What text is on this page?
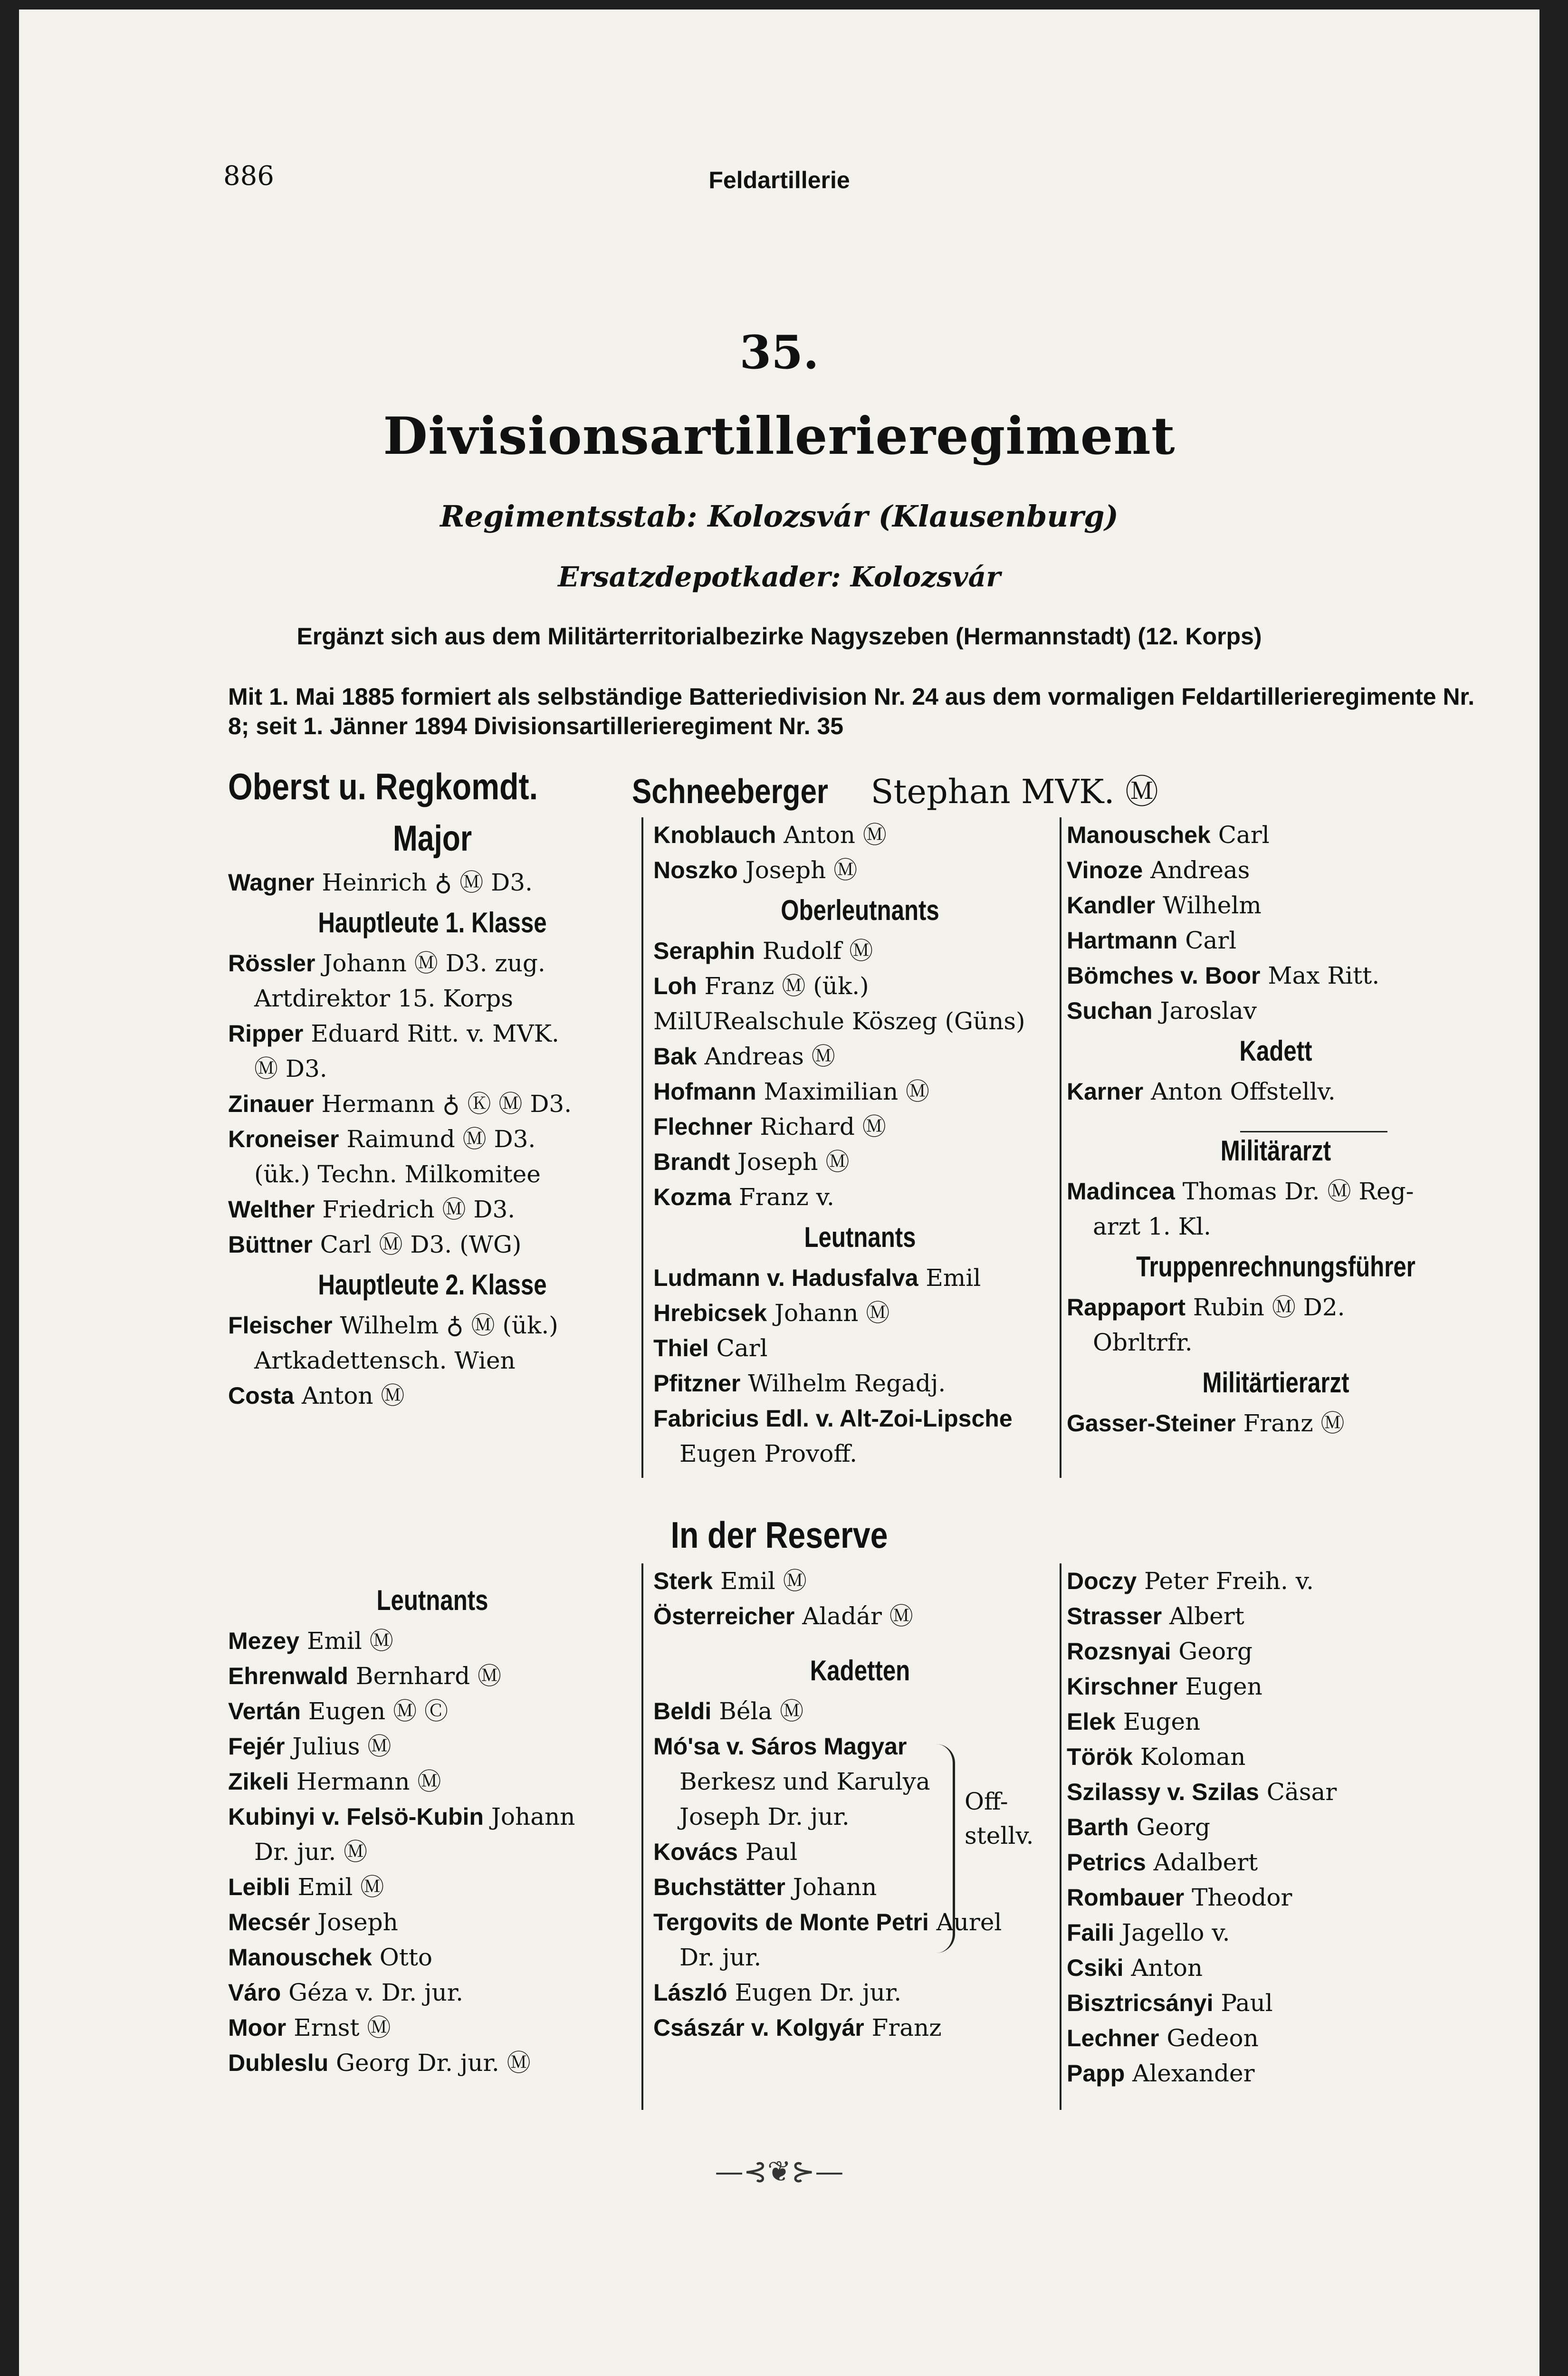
886	Feldartillerie
35.
Divisionsartillerieregiment
Regimentsstab: Kolozsvár (Klausenburg)
Ersatzdepotkader: Kolozsvár
Ergänzt sich aus dem Militärterritorialbezirke Nagyszeben (Hermannstadt) (12. Korps)
Mit 1. Mai 1885 formiert als selbständige Batteriedivision Nr. 24 aus dem vormaligen Feldartillerieregimente Nr. 8; seit 1. Jänner 1894 Divisionsartillerieregiment Nr. 35
Oberst u. Regkomdt.	Schneeberger Stephan MVK. Ⓜ
Major
Wagner Heinrich ♁ Ⓜ D3.
Hauptleute 1. Klasse
Rössler Johann Ⓜ D3. zug.
Artdirektor 15. Korps
Ripper Eduard Ritt. v. MVK.
Ⓜ D3.
Zinauer Hermann ♁ Ⓚ Ⓜ D3.
Kroneiser Raimund Ⓜ D3.
(ük.) Techn. Milkomitee
Welther Friedrich Ⓜ D3.
Büttner Carl Ⓜ D3. (WG)
Hauptleute 2. Klasse
Fleischer Wilhelm ♁ Ⓜ (ük.)
Artkadettensch. Wien
Costa Anton Ⓜ
Knoblauch Anton Ⓜ
Noszko Joseph Ⓜ
Oberleutnants
Seraphin Rudolf Ⓜ
Loh Franz Ⓜ (ük.) MilURealschule Köszeg (Güns)
Bak Andreas Ⓜ
Hofmann Maximilian Ⓜ
Flechner Richard Ⓜ
Brandt Joseph Ⓜ
Kozma Franz v.
Leutnants
Ludmann v. Hadusfalva Emil
Hrebicsek Johann Ⓜ
Thiel Carl
Pfitzner Wilhelm Regadj.
Fabricius Edl. v. Alt-Zoi-Lipsche
Eugen Provoff.
Manouschek Carl
Vinoze Andreas
Kandler Wilhelm
Hartmann Carl
Bömches v. Boor Max Ritt.
Suchan Jaroslav
Kadett
Karner Anton Offstellv.
Militärarzt
Madincea Thomas Dr. Ⓜ Reg-
arzt 1. Kl.
Truppenrechnungsführer
Rappaport Rubin Ⓜ D2.
Obrltrfr.
Militärtierarzt
Gasser-Steiner Franz Ⓜ
In der Reserve
Leutnants
Mezey Emil Ⓜ
Ehrenwald Bernhard Ⓜ
Vertán Eugen Ⓜ Ⓒ
Fejér Julius Ⓜ
Zikeli Hermann Ⓜ
Kubinyi v. Felsö-Kubin Johann
Dr. jur. Ⓜ
Leibli Emil Ⓜ
Mecsér Joseph
Manouschek Otto
Váro Géza v. Dr. jur.
Moor Ernst Ⓜ
Dubleslu Georg Dr. jur. Ⓜ
Sterk Emil Ⓜ
Österreicher Aladár Ⓜ
Kadetten
Beldi Béla Ⓜ
Mó'sa v. Sáros Magyar
Berkesz und Karulya
Joseph Dr. jur.
Kovács Paul
Buchstätter Johann
Tergovits de Monte Petri Aurel
Dr. jur.
László Eugen Dr. jur.
Császár v. Kolgyár Franz
Off- stellv.
Doczy Peter Freih. v.
Strasser Albert
Rozsnyai Georg
Kirschner Eugen
Elek Eugen
Török Koloman
Szilassy v. Szilas Cäsar
Barth Georg
Petrics Adalbert
Rombauer Theodor
Faili Jagello v.
Csiki Anton
Bisztricsányi Paul
Lechner Gedeon
Papp Alexander
—⊰❦⊱—
